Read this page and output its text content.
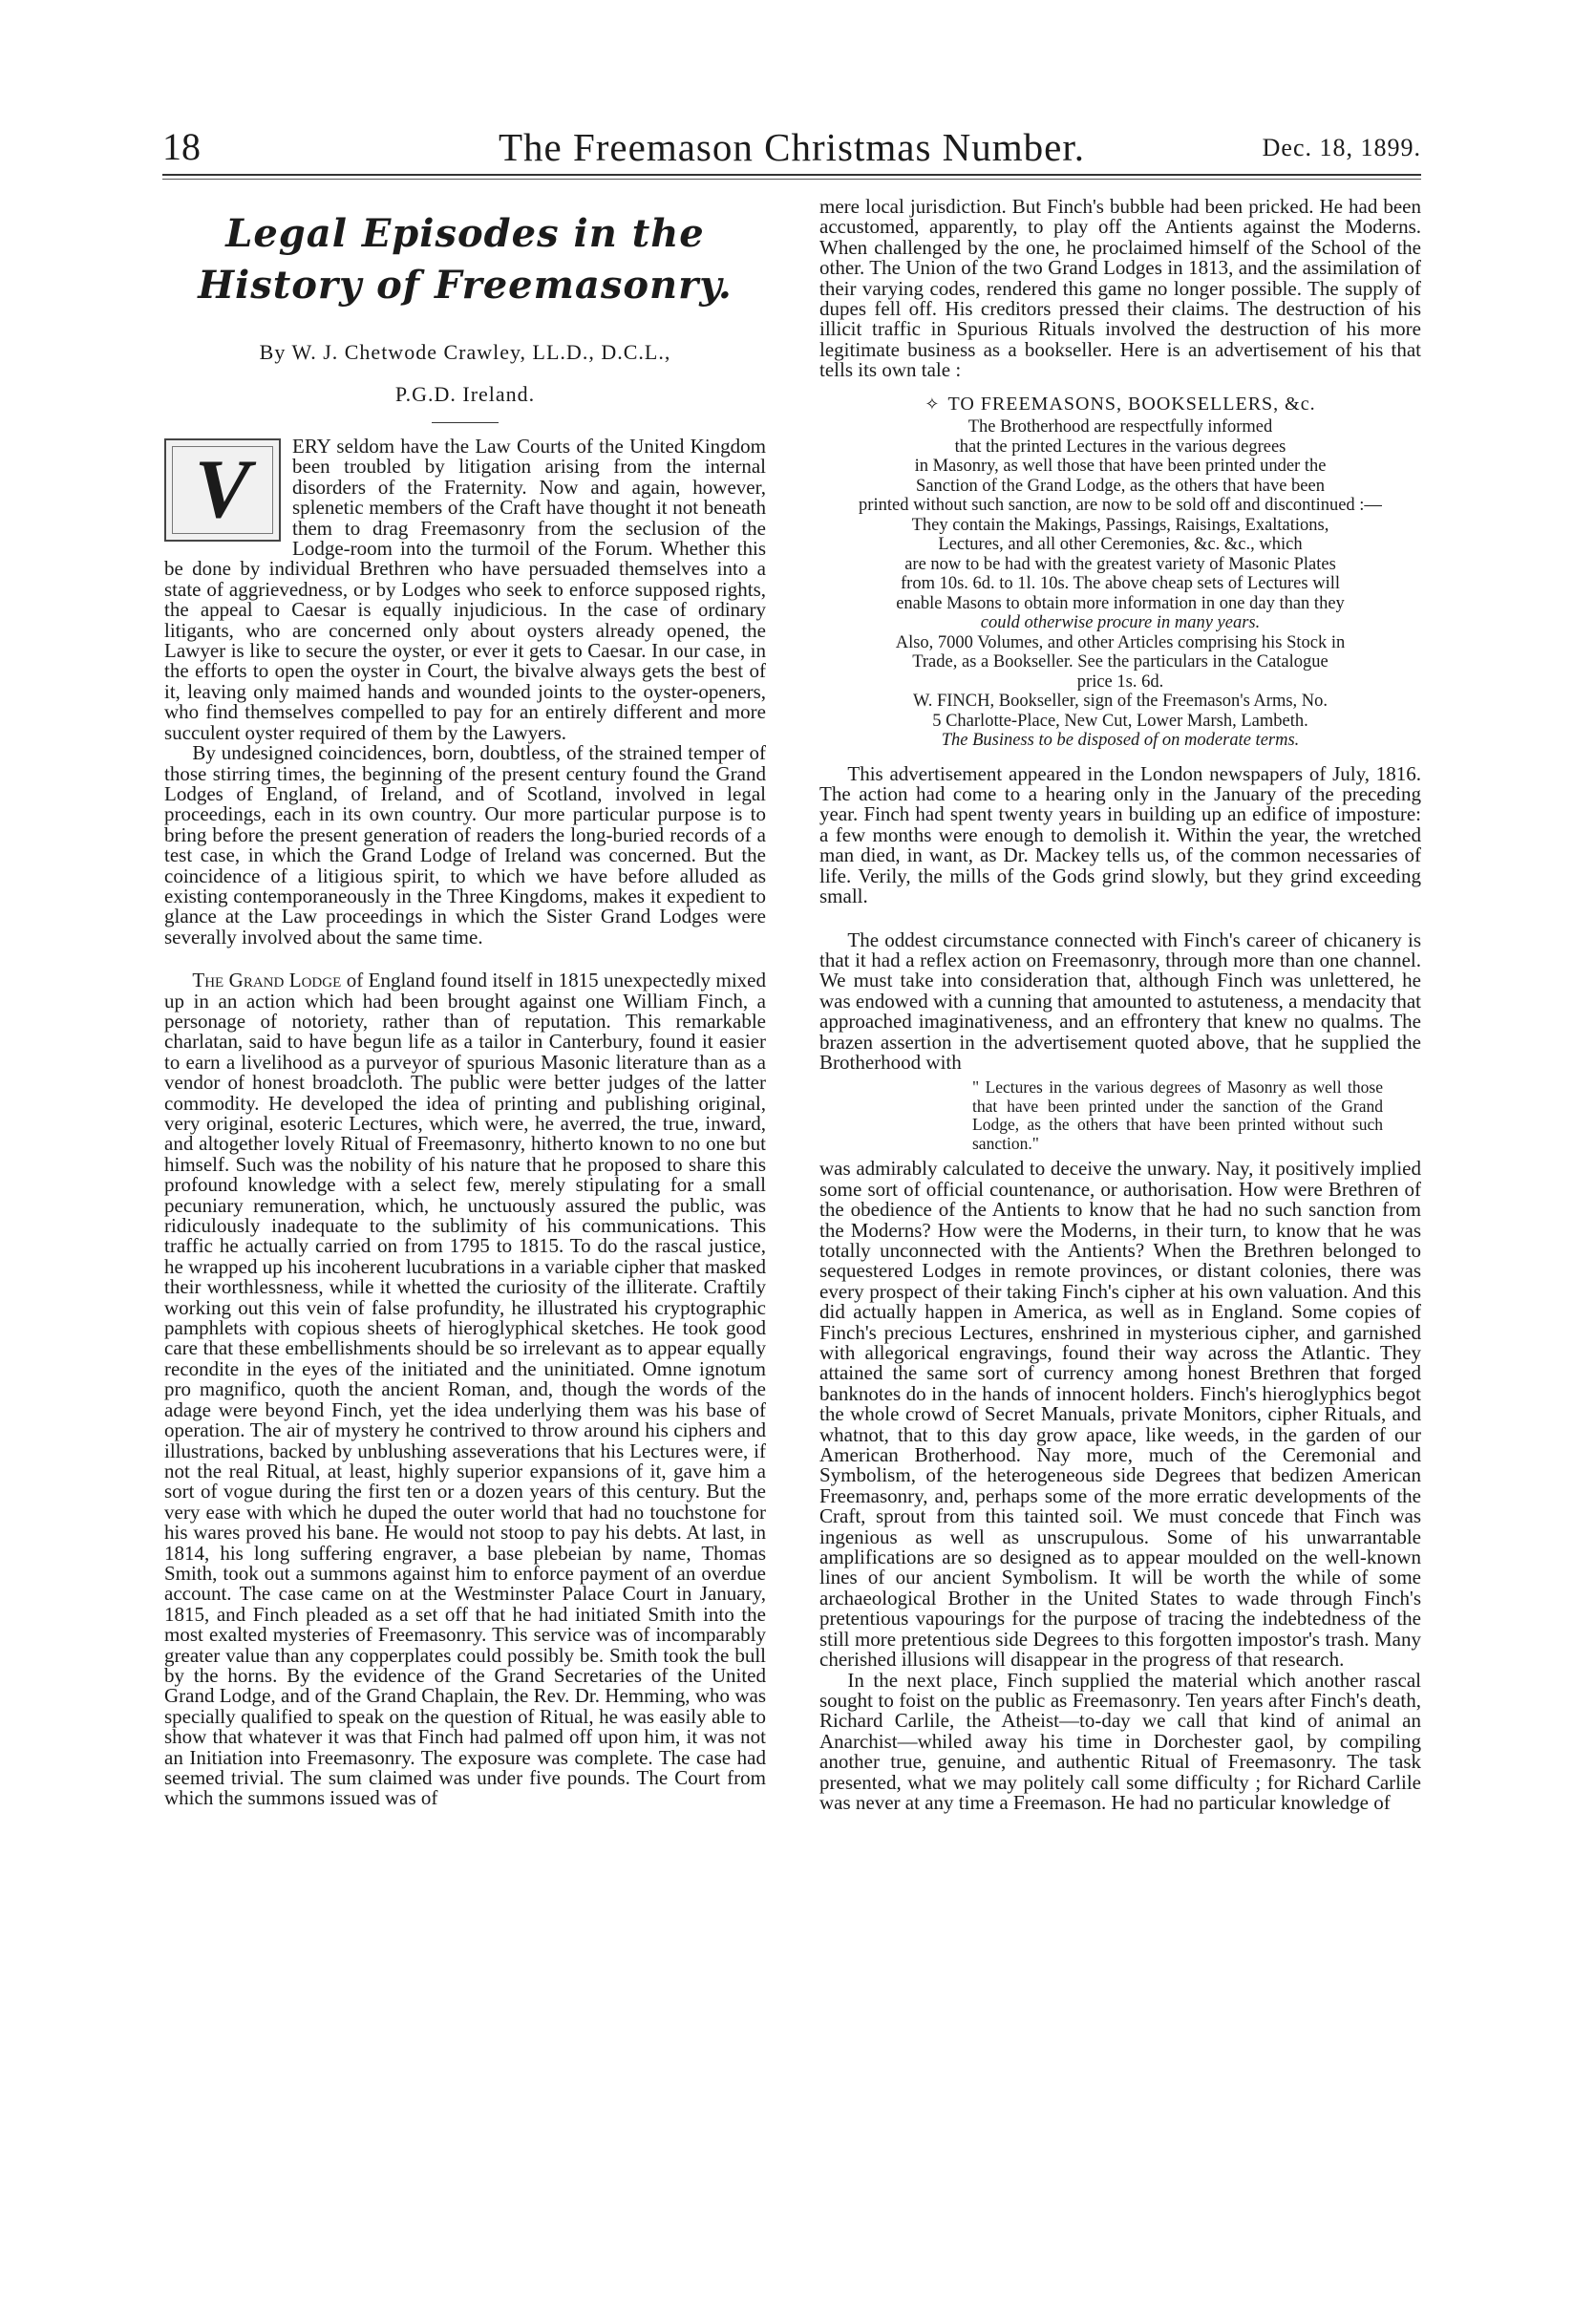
18	The Freemason Christmas Number.	Dec. 18, 1899.
Legal Episodes in the History of Freemasonry.
By W. J. Chetwode Crawley, LL.D., D.C.L.,
P.G.D. Ireland.

V	ERY seldom have the Law Courts of the United Kingdom been troubled by litigation arising from the internal disorders of the Fraternity. Now and again, however, splenetic members of the Craft have thought it not beneath them to drag Freemasonry from the seclusion of the Lodge-room into the turmoil of the Forum. Whether this be done by individual Brethren who have persuaded themselves into a state of aggrievedness, or by Lodges who seek to enforce supposed rights, the appeal to Caesar is equally injudicious. In the case of ordinary litigants, who are concerned only about oysters already opened, the Lawyer is like to secure the oyster, or ever it gets to Caesar. In our case, in the efforts to open the oyster in Court, the bivalve always gets the best of it, leaving only maimed hands and wounded joints to the oyster-openers, who find themselves compelled to pay for an entirely different and more succulent oyster required of them by the Lawyers.

By undesigned coincidences, born, doubtless, of the strained temper of those stirring times, the beginning of the present century found the Grand Lodges of England, of Ireland, and of Scotland, involved in legal proceedings, each in its own country. Our more particular purpose is to bring before the present generation of readers the long-buried records of a test case, in which the Grand Lodge of Ireland was concerned. But the coincidence of a litigious spirit, to which we have before alluded as existing contemporaneously in the Three Kingdoms, makes it expedient to glance at the Law proceedings in which the Sister Grand Lodges were severally involved about the same time.

The Grand Lodge of England found itself in 1815 unexpectedly mixed up in an action which had been brought against one William Finch, a personage of notoriety, rather than of reputation. This remarkable charlatan, said to have begun life as a tailor in Canterbury, found it easier to earn a livelihood as a purveyor of spurious Masonic literature than as a vendor of honest broadcloth. The public were better judges of the latter commodity. He developed the idea of printing and publishing original, very original, esoteric Lectures, which were, he averred, the true, inward, and altogether lovely Ritual of Freemasonry, hitherto known to no one but himself. Such was the nobility of his nature that he proposed to share this profound knowledge with a select few, merely stipulating for a small pecuniary remuneration, which, he unctuously assured the public, was ridiculously inadequate to the sublimity of his communications. This traffic he actually carried on from 1795 to 1815. To do the rascal justice, he wrapped up his incoherent lucubrations in a variable cipher that masked their worthlessness, while it whetted the curiosity of the illiterate. Craftily working out this vein of false profundity, he illustrated his cryptographic pamphlets with copious sheets of hieroglyphical sketches. He took good care that these embellishments should be so irrelevant as to appear equally recondite in the eyes of the initiated and the uninitiated. Omne ignotum pro magnifico, quoth the ancient Roman, and, though the words of the adage were beyond Finch, yet the idea underlying them was his base of operation. The air of mystery he contrived to throw around his ciphers and illustrations, backed by unblushing asseverations that his Lectures were, if not the real Ritual, at least, highly superior expansions of it, gave him a sort of vogue during the first ten or a dozen years of this century. But the very ease with which he duped the outer world that had no touchstone for his wares proved his bane. He would not stoop to pay his debts. At last, in 1814, his long suffering engraver, a base plebeian by name, Thomas Smith, took out a summons against him to enforce payment of an overdue account. The case came on at the Westminster Palace Court in January, 1815, and Finch pleaded as a set off that he had initiated Smith into the most exalted mysteries of Freemasonry. This service was of incomparably greater value than any copperplates could possibly be. Smith took the bull by the horns. By the evidence of the Grand Secretaries of the United Grand Lodge, and of the Grand Chaplain, the Rev. Dr. Hemming, who was specially qualified to speak on the question of Ritual, he was easily able to show that whatever it was that Finch had palmed off upon him, it was not an Initiation into Freemasonry. The exposure was complete. The case had seemed trivial. The sum claimed was under five pounds. The Court from which the summons issued was of

mere local jurisdiction. But Finch's bubble had been pricked. He had been accustomed, apparently, to play off the Antients against the Moderns. When challenged by the one, he proclaimed himself of the School of the other. The Union of the two Grand Lodges in 1813, and the assimilation of their varying codes, rendered this game no longer possible. The supply of dupes fell off. His creditors pressed their claims. The destruction of his illicit traffic in Spurious Rituals involved the destruction of his more legitimate business as a bookseller. Here is an advertisement of his that tells its own tale :

✧ TO FREEMASONS, BOOKSELLERS, &c.
The Brotherhood are respectfully informed
that the printed Lectures in the various degrees
in Masonry, as well those that have been printed under the
Sanction of the Grand Lodge, as the others that have been
printed without such sanction, are now to be sold off and discontinued :—
They contain the Makings, Passings, Raisings, Exaltations,
Lectures, and all other Ceremonies, &c. &c., which
are now to be had with the greatest variety of Masonic Plates
from 10s. 6d. to 1l. 10s. The above cheap sets of Lectures will
enable Masons to obtain more information in one day than they
could otherwise procure in many years.
Also, 7000 Volumes, and other Articles comprising his Stock in
Trade, as a Bookseller. See the particulars in the Catalogue
price 1s. 6d.
W. FINCH, Bookseller, sign of the Freemason's Arms, No.
5 Charlotte-Place, New Cut, Lower Marsh, Lambeth.
The Business to be disposed of on moderate terms.

This advertisement appeared in the London newspapers of July, 1816. The action had come to a hearing only in the January of the preceding year. Finch had spent twenty years in building up an edifice of imposture: a few months were enough to demolish it. Within the year, the wretched man died, in want, as Dr. Mackey tells us, of the common necessaries of life. Verily, the mills of the Gods grind slowly, but they grind exceeding small.

The oddest circumstance connected with Finch's career of chicanery is that it had a reflex action on Freemasonry, through more than one channel. We must take into consideration that, although Finch was unlettered, he was endowed with a cunning that amounted to astuteness, a mendacity that approached imaginativeness, and an effrontery that knew no qualms. The brazen assertion in the advertisement quoted above, that he supplied the Brotherhood with

" Lectures in the various degrees of Masonry as well those that have been printed under the sanction of the Grand Lodge, as the others that have been printed without such sanction."

was admirably calculated to deceive the unwary. Nay, it positively implied some sort of official countenance, or authorisation. How were Brethren of the obedience of the Antients to know that he had no such sanction from the Moderns? How were the Moderns, in their turn, to know that he was totally unconnected with the Antients? When the Brethren belonged to sequestered Lodges in remote provinces, or distant colonies, there was every prospect of their taking Finch's cipher at his own valuation. And this did actually happen in America, as well as in England. Some copies of Finch's precious Lectures, enshrined in mysterious cipher, and garnished with allegorical engravings, found their way across the Atlantic. They attained the same sort of currency among honest Brethren that forged banknotes do in the hands of innocent holders. Finch's hieroglyphics begot the whole crowd of Secret Manuals, private Monitors, cipher Rituals, and whatnot, that to this day grow apace, like weeds, in the garden of our American Brotherhood. Nay more, much of the Ceremonial and Symbolism, of the heterogeneous side Degrees that bedizen American Freemasonry, and, perhaps some of the more erratic developments of the Craft, sprout from this tainted soil. We must concede that Finch was ingenious as well as unscrupulous. Some of his unwarrantable amplifications are so designed as to appear moulded on the well-known lines of our ancient Symbolism. It will be worth the while of some archaeological Brother in the United States to wade through Finch's pretentious vapourings for the purpose of tracing the indebtedness of the still more pretentious side Degrees to this forgotten impostor's trash. Many cherished illusions will disappear in the progress of that research.

In the next place, Finch supplied the material which another rascal sought to foist on the public as Freemasonry. Ten years after Finch's death, Richard Carlile, the Atheist—to-day we call that kind of animal an Anarchist—whiled away his time in Dorchester gaol, by compiling another true, genuine, and authentic Ritual of Freemasonry. The task presented, what we may politely call some difficulty ; for Richard Carlile was never at any time a Freemason. He had no particular knowledge of
